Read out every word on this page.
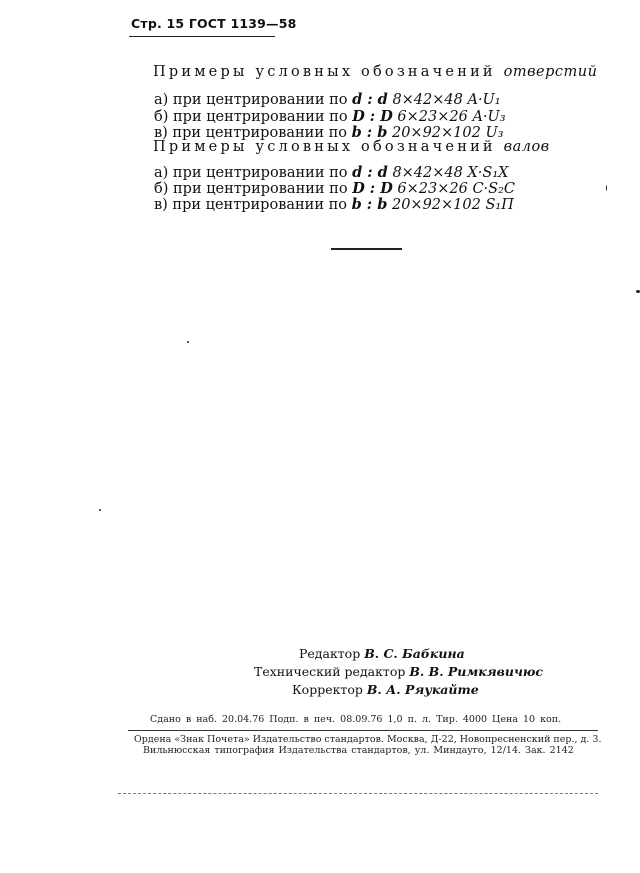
Стр. 15 ГОСТ 1139—58
Примеры условных обозначений отверстий
а) при центрировании по d : d 8×42×48 A·U₁
б) при центрировании по D : D 6×23×26 A·U₃
в) при центрировании по b : b 20×92×102 U₃
Примеры условных обозначений валов
а) при центрировании по d : d 8×42×48 X·S₁X
б) при центрировании по D : D 6×23×26 C·S₂C
в) при центрировании по b : b 20×92×102 S₁П
Редактор В. С. Бабкина
Технический редактор В. В. Римкявичюс
Корректор В. А. Ряукайте
Сдано в наб. 20.04.76 Подп. в печ. 08.09.76 1,0 п. л. Тир. 4000 Цена 10 коп.
Ордена «Знак Почета» Издательство стандартов. Москва, Д-22, Новопресненский пер., д. 3.
Вильнюсская типография Издательства стандартов, ул. Миндауго, 12/14. Зак. 2142
